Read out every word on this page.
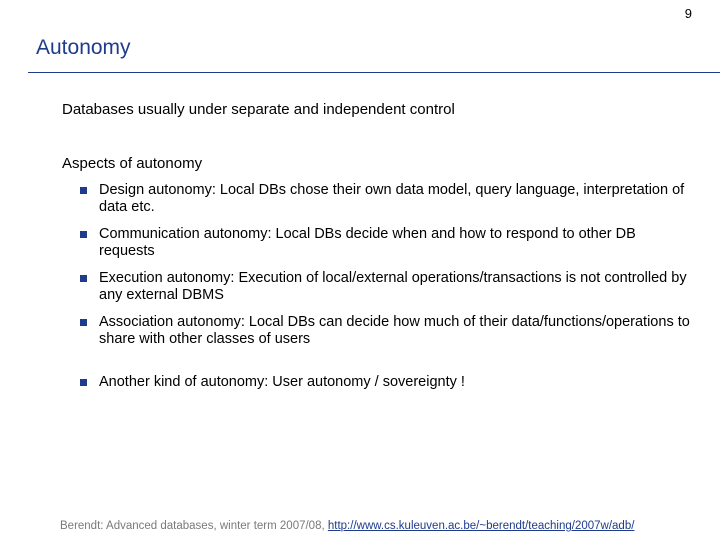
9
Autonomy
Databases usually under separate and independent control
Aspects of autonomy
Design autonomy: Local DBs chose their own data model, query language, interpretation of data etc.
Communication autonomy: Local DBs decide when and how to respond to other DB requests
Execution autonomy: Execution of local/external operations/transactions is not controlled by any external DBMS
Association autonomy: Local DBs can decide how much of their data/functions/operations to share with other classes of users
Another kind of autonomy: User autonomy / sovereignty !
Berendt: Advanced databases, winter term 2007/08, http://www.cs.kuleuven.ac.be/~berendt/teaching/2007w/adb/
